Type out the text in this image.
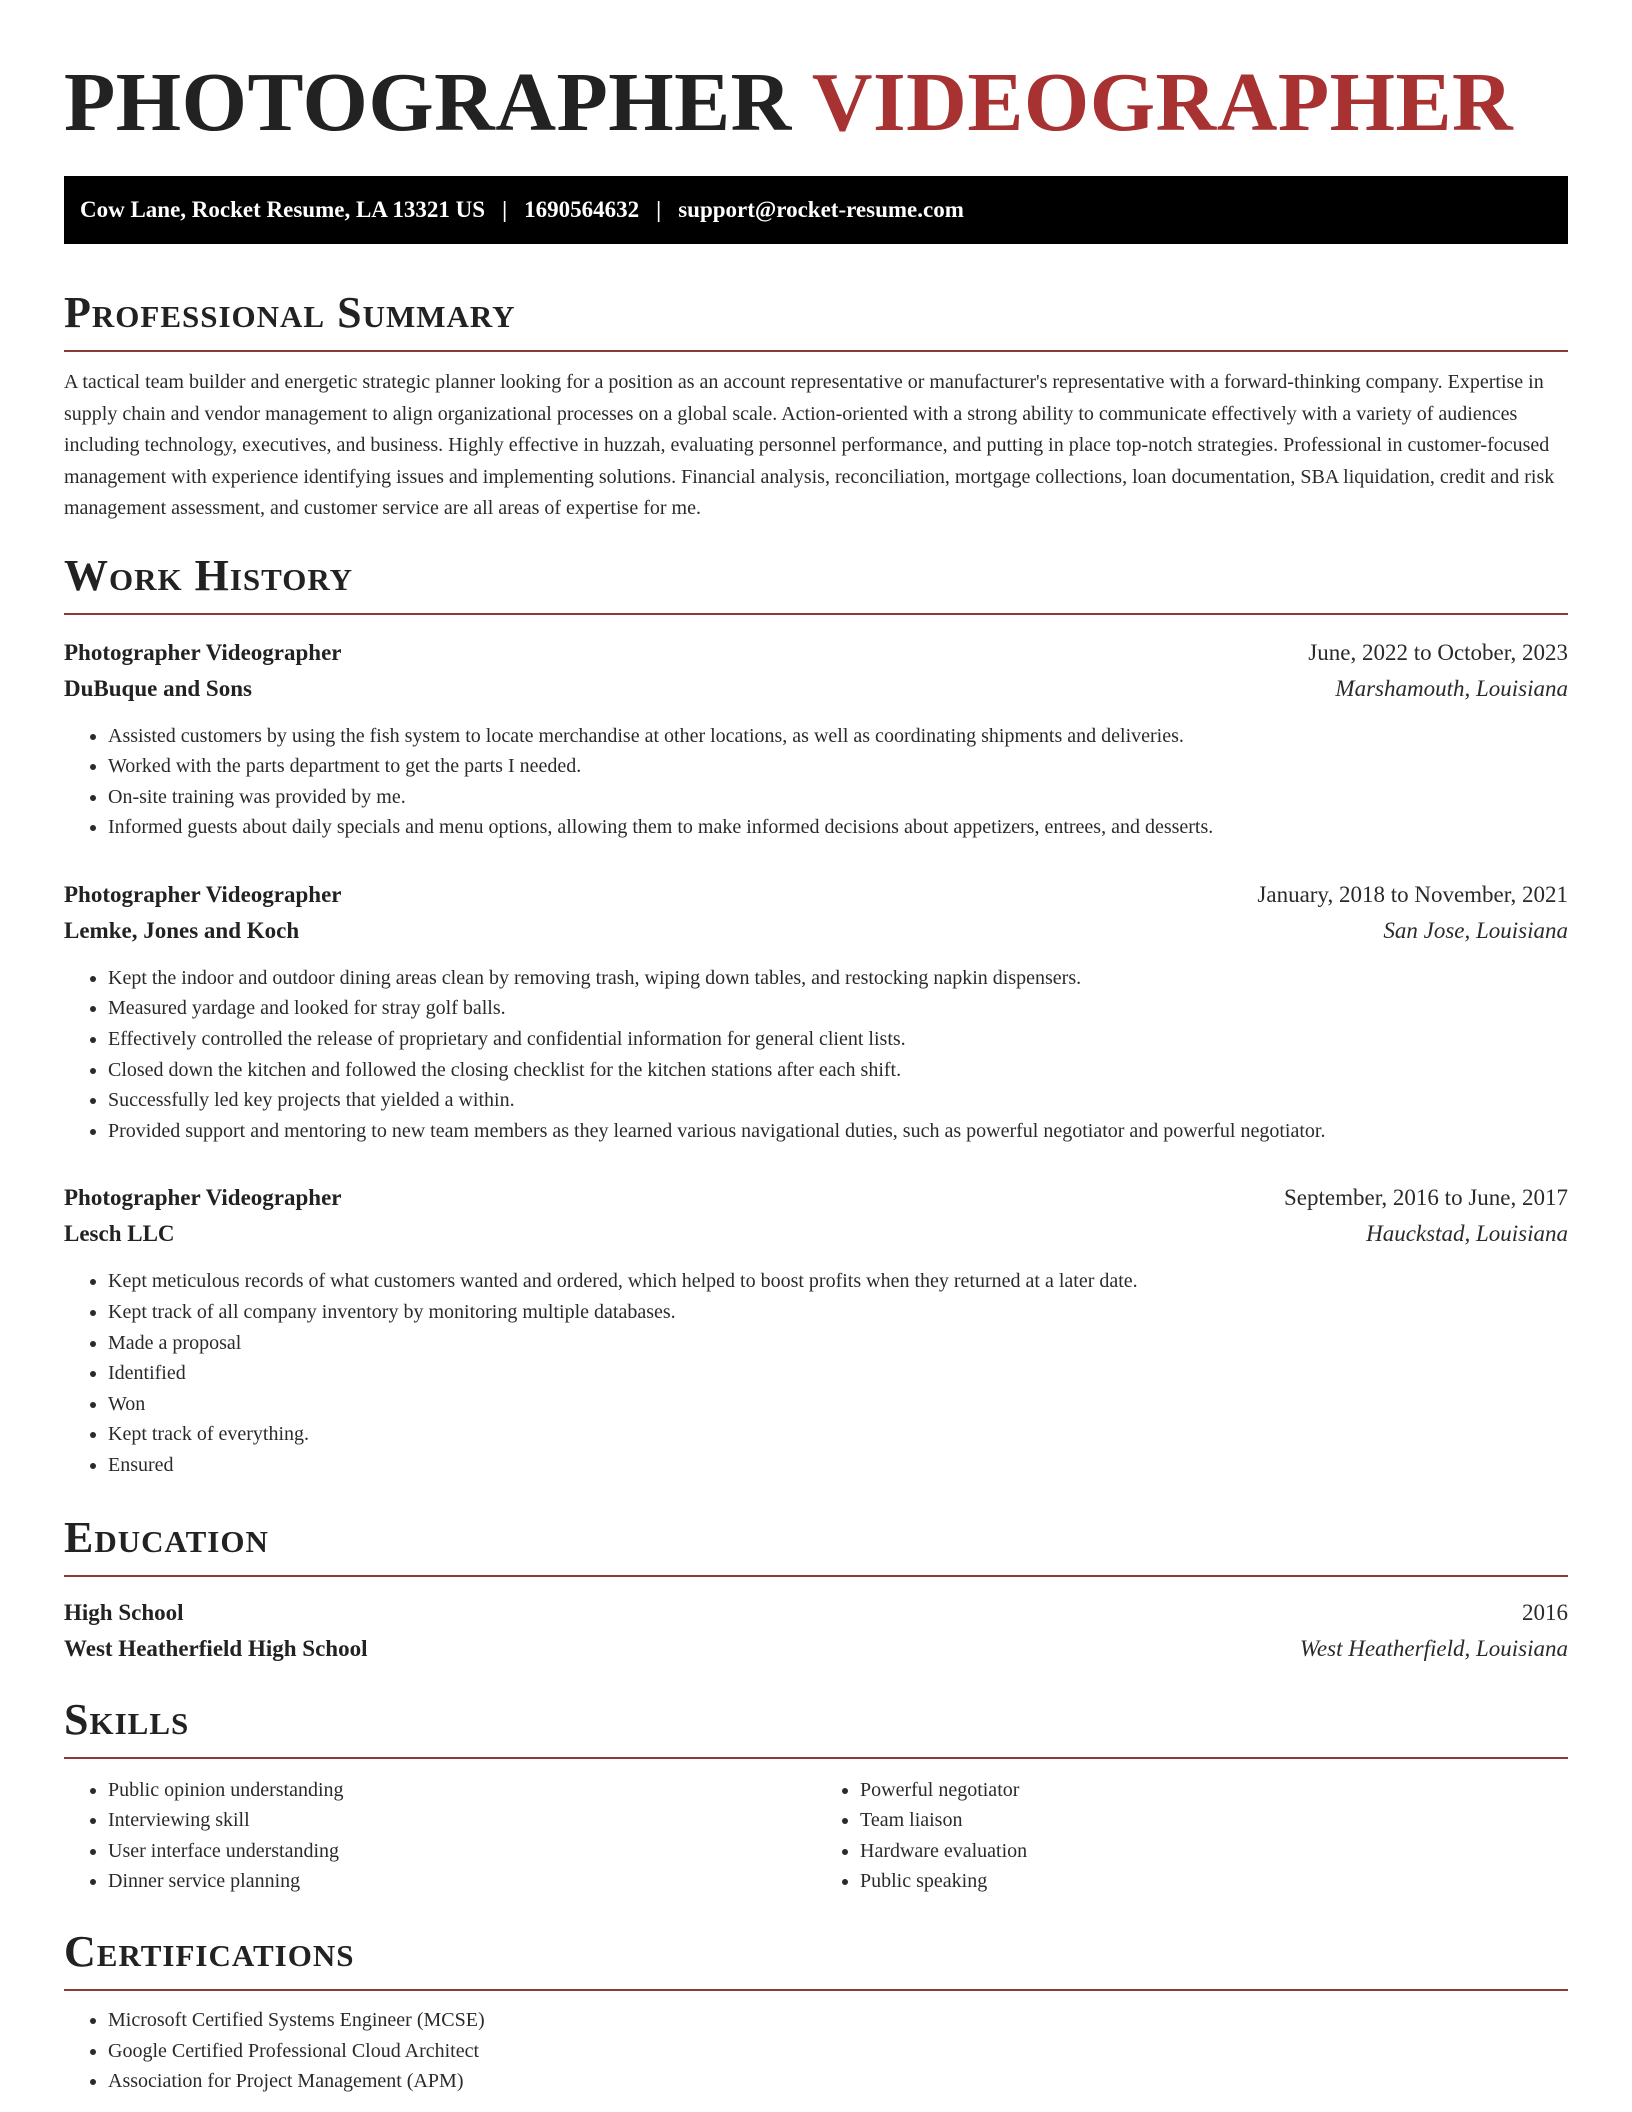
PHOTOGRAPHER VIDEOGRAPHER
Cow Lane, Rocket Resume, LA 13321 US | 1690564632 | support@rocket-resume.com
Professional Summary

A tactical team builder and energetic strategic planner looking for a position as an account representative or manufacturer's representative with a forward-thinking company. Expertise in supply chain and vendor management to align organizational processes on a global scale. Action-oriented with a strong ability to communicate effectively with a variety of audiences including technology, executives, and business. Highly effective in huzzah, evaluating personnel performance, and putting in place top-notch strategies. Professional in customer-focused management with experience identifying issues and implementing solutions. Financial analysis, reconciliation, mortgage collections, loan documentation, SBA liquidation, credit and risk management assessment, and customer service are all areas of expertise for me.

Work History
Photographer Videographer	June, 2022 to October, 2023
DuBuque and Sons	Marshamouth, Louisiana
• Assisted customers by using the fish system to locate merchandise at other locations, as well as coordinating shipments and deliveries.
• Worked with the parts department to get the parts I needed.
• On-site training was provided by me.
• Informed guests about daily specials and menu options, allowing them to make informed decisions about appetizers, entrees, and desserts.
Photographer Videographer	January, 2018 to November, 2021
Lemke, Jones and Koch	San Jose, Louisiana
• Kept the indoor and outdoor dining areas clean by removing trash, wiping down tables, and restocking napkin dispensers.
• Measured yardage and looked for stray golf balls.
• Effectively controlled the release of proprietary and confidential information for general client lists.
• Closed down the kitchen and followed the closing checklist for the kitchen stations after each shift.
• Successfully led key projects that yielded a within.
• Provided support and mentoring to new team members as they learned various navigational duties, such as powerful negotiator and powerful negotiator.
Photographer Videographer	September, 2016 to June, 2017
Lesch LLC	Hauckstad, Louisiana
• Kept meticulous records of what customers wanted and ordered, which helped to boost profits when they returned at a later date.
• Kept track of all company inventory by monitoring multiple databases.
• Made a proposal
• Identified
• Won
• Kept track of everything.
• Ensured
Education
High School	2016
West Heatherfield High School	West Heatherfield, Louisiana
Skills
• Public opinion understanding
• Interviewing skill
• User interface understanding
• Dinner service planning
• Powerful negotiator
• Team liaison
• Hardware evaluation
• Public speaking
Certifications
• Microsoft Certified Systems Engineer (MCSE)
• Google Certified Professional Cloud Architect
• Association for Project Management (APM)
